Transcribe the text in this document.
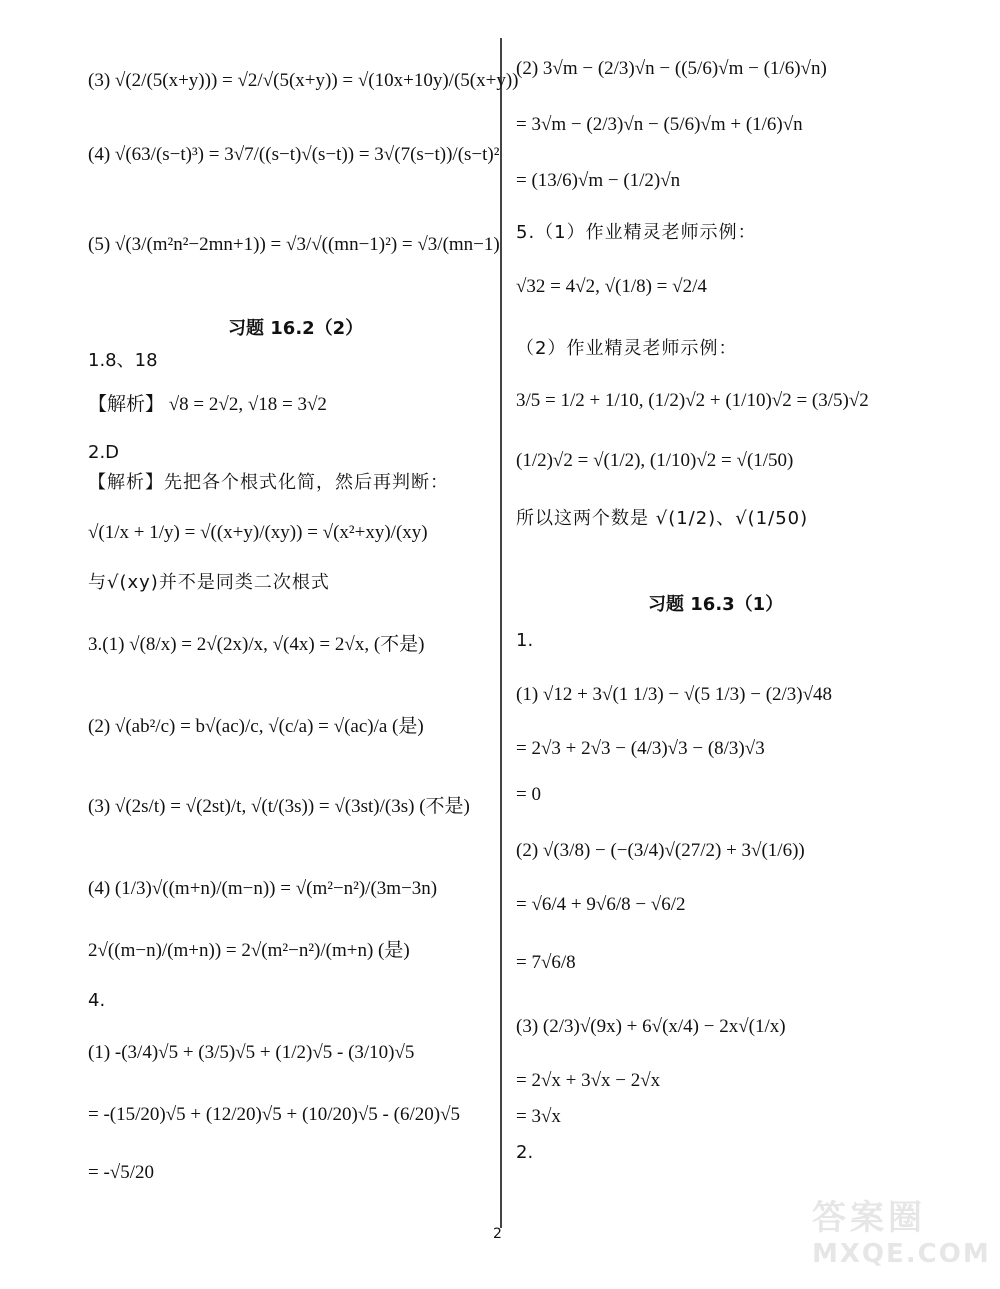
(3) √(2/(5(x+y))) = √2/√(5(x+y)) = √(10x+10y)/(5(x+y))
(4) √(63/(s−t)³) = 3√7/((s−t)√(s−t)) = 3√(7(s−t))/(s−t)²
(5) √(3/(m²n²−2mn+1)) = √3/√((mn−1)²) = √3/(mn−1)
习题 16.2（2）
1.8、18
【解析】 √8 = 2√2, √18 = 3√2
2.D
【解析】先把各个根式化简，然后再判断：
√(1/x + 1/y) = √((x+y)/(xy)) = √(x²+xy)/(xy)
与√(xy)并不是同类二次根式
3.(1) √(8/x) = 2√(2x)/x, √(4x) = 2√x, (不是)
(2) √(ab²/c) = b√(ac)/c, √(c/a) = √(ac)/a (是)
(3) √(2s/t) = √(2st)/t, √(t/(3s)) = √(3st)/(3s) (不是)
(4) (1/3)√((m+n)/(m−n)) = √(m²−n²)/(3m−3n)
2√((m−n)/(m+n)) = 2√(m²−n²)/(m+n) (是)
4.
(1) -(3/4)√5 + (3/5)√5 + (1/2)√5 - (3/10)√5
= -(15/20)√5 + (12/20)√5 + (10/20)√5 - (6/20)√5
= -√5/20
(2) 3√m − (2/3)√n − ((5/6)√m − (1/6)√n)
= 3√m − (2/3)√n − (5/6)√m + (1/6)√n
= (13/6)√m − (1/2)√n
5.（1）作业精灵老师示例：
√32 = 4√2, √(1/8) = √2/4
（2）作业精灵老师示例：
3/5 = 1/2 + 1/10, (1/2)√2 + (1/10)√2 = (3/5)√2
(1/2)√2 = √(1/2), (1/10)√2 = √(1/50)
所以这两个数是 √(1/2)、√(1/50)
习题 16.3（1）
1.
(1) √12 + 3√(1 1/3) − √(5 1/3) − (2/3)√48
= 2√3 + 2√3 − (4/3)√3 − (8/3)√3
= 0
(2) √(3/8) − (−(3/4)√(27/2) + 3√(1/6))
= √6/4 + 9√6/8 − √6/2
= 7√6/8
(3) (2/3)√(9x) + 6√(x/4) − 2x√(1/x)
= 2√x + 3√x − 2√x
= 3√x
2.
2	答案圈
MXQE.COM
